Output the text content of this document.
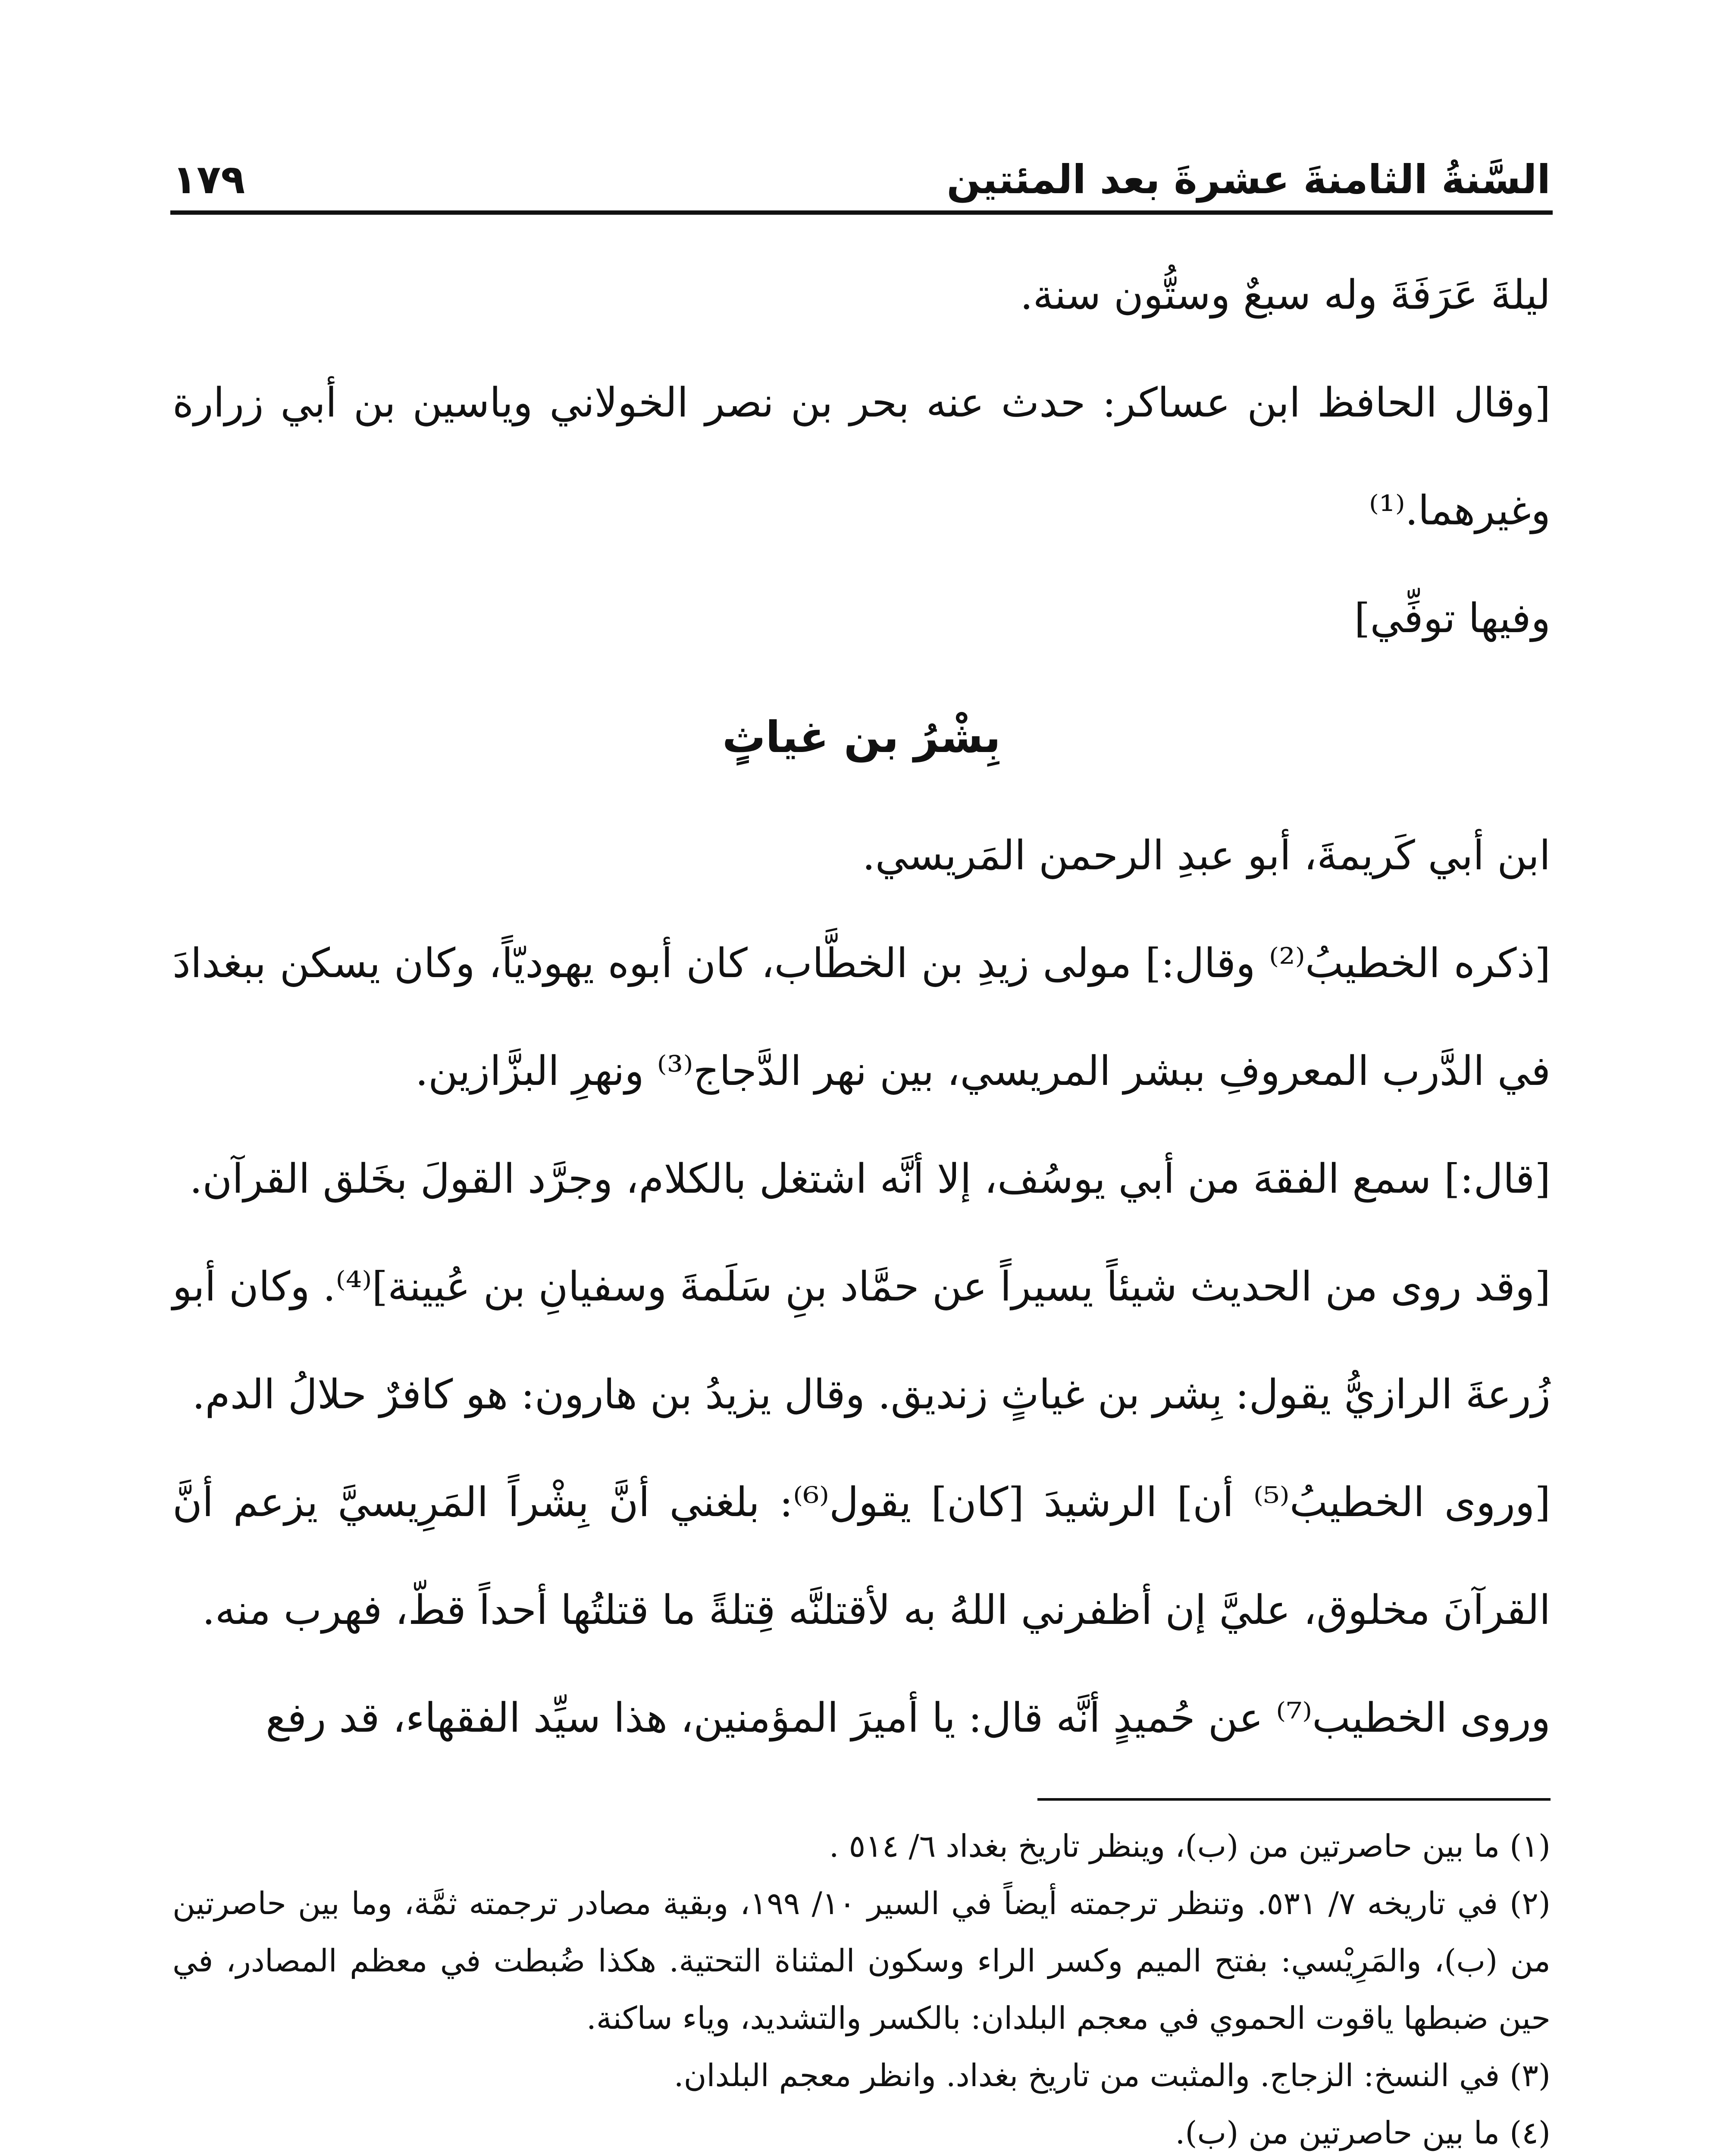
السَّنةُ الثامنةَ عشرةَ بعد المئتين
١٧٩

ليلةَ عَرَفَةَ وله سبعٌ وستُّون سنة.

[وقال الحافظ ابن عساكر: حدث عنه بحر بن نصر الخولاني وياسين بن أبي زرارة وغيرهما.⁽¹⁾

وفيها توفِّي]

بِشْرُ بن غياثٍ

ابن أبي كَريمةَ، أبو عبدِ الرحمن المَريسي.

[ذكره الخطيبُ⁽²⁾ وقال:] مولى زيدِ بن الخطَّاب، كان أبوه يهوديّاً، وكان يسكن ببغدادَ في الدَّرب المعروفِ ببشر المريسي، بين نهر الدَّجاج⁽³⁾ ونهرِ البزَّازين.

[قال:] سمع الفقهَ من أبي يوسُف، إلا أنَّه اشتغل بالكلام، وجرَّد القولَ بخَلق القرآن.

[وقد روى من الحديث شيئاً يسيراً عن حمَّاد بنِ سَلَمةَ وسفيانِ بن عُيينة]⁽⁴⁾. وكان أبو زُرعةَ الرازيُّ يقول: بِشر بن غياثٍ زنديق. وقال يزيدُ بن هارون: هو كافرٌ حلالُ الدم.

[وروى الخطيبُ⁽⁵⁾ أن] الرشيدَ [كان] يقول⁽⁶⁾: بلغني أنَّ بِشْراً المَرِيسيَّ يزعم أنَّ القرآنَ مخلوق، عليَّ إن أظفرني اللهُ به لأقتلنَّه قِتلةً ما قتلتُها أحداً قطّ، فهرب منه.

وروى الخطيب⁽⁷⁾ عن حُميدٍ أنَّه قال: يا أميرَ المؤمنين، هذا سيِّد الفقهاء، قد رفع

(١) ما بين حاصرتين من (ب)، وينظر تاريخ بغداد ٦/ ٥١٤ .

(٢) في تاريخه ٧/ ٥٣١. وتنظر ترجمته أيضاً في السير ١٠/ ١٩٩، وبقية مصادر ترجمته ثمَّة، وما بين حاصرتين من (ب)، والمَرِيْسي: بفتح الميم وكسر الراء وسكون المثناة التحتية. هكذا ضُبطت في معظم المصادر، في حين ضبطها ياقوت الحموي في معجم البلدان: بالكسر والتشديد، وياء ساكنة.

(٣) في النسخ: الزجاج. والمثبت من تاريخ بغداد. وانظر معجم البلدان.

(٤) ما بين حاصرتين من (ب).
